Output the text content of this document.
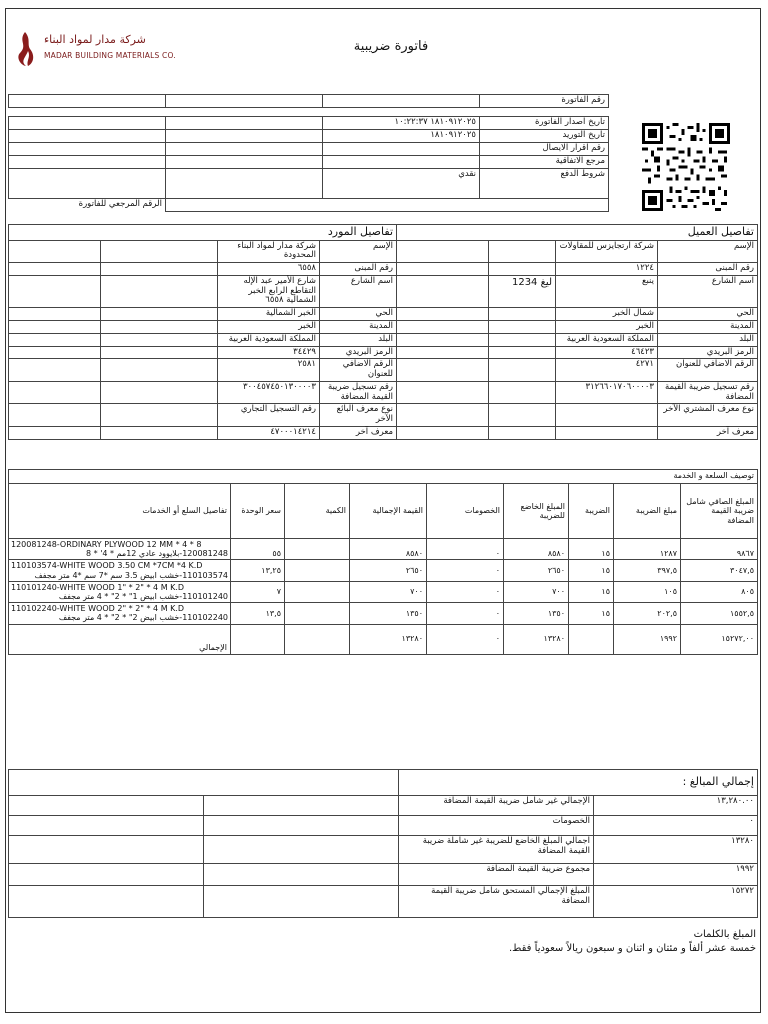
شركة مدار لمواد البناء
MADAR BUILDING MATERIALS CO.
فاتورة ضريبية
			رقم الفاتورة
		١٨١٠٩١٢٠٢٥ ١٠:٢٢:٣٧	تاريخ اصدار الفاتورة
		١٨١٠٩١٢٠٢٥	تاريخ التوريد
			رقم اقرار الايصال
			مرجع الاتفاقية
		نقدي	شروط الدفع
الرقم المرجعي للفاتورة			
تفاصيل المورد				تفاصيل العميل			
		شركة مدار لمواد البناء المحدودة	الإسم			شركة ارتجايزس للمقاولات	الإسم
		٦٥٥٨	رقم المبنى			١٢٢٤	رقم المبنى
		شارع الأمير عبد الإله التقاطع الرابع الخبر الشمالية ٦٥٥٨	اسم الشارع		ليغ 1234	ينبع	اسم الشارع
		الخبر الشمالية	الحي			شمال الخبر	الحي
		الخبر	المدينة			الخبر	المدينة
		المملكة السعودية العربية	البلد			المملكة السعودية العربية	البلد
		٣٤٤٢٩	الرمز البريدي			٤٦٤٢٣	الرمز البريدي
		٢٥٨١	الرقم الاضافي للعنوان			٤٢٧١	الرقم الاضافي للعنوان
		٣٠٠٤٥٧٤٥٠١٣٠٠٠٠٣	رقم تسجيل ضريبة القيمة المضافة			٣١٢٦٦٠١٧٠٦٠٠٠٠٣	رقم تسجيل ضريبة القيمة المضافة
		رقم التسجيل التجاري	نوع معرف البائع الآخر				نوع معرف المشتري الآخر
		٤٧٠٠٠١٤٢١٤	معرف آخر				معرف آخر
توصيف السلعة و الخدمة								
تفاصيل السلع أو الخدمات	سعر الوحدة	الكمية	القيمة الإجمالية	الخصومات	المبلغ الخاضع للضريبة	الضريبة	مبلغ الضريبة	المبلغ الصافي شامل ضريبة القيمة المضافة

120081248-ORDINARY PLYWOOD 12 MM * 4 * 8
120081248-بلايوود عادي 12مم * 4' * 8	٥٥		٨٥٨٠	٠	٨٥٨٠	١٥	١٢٨٧	٩٨٦٧

110103574-WHITE WOOD 3.50 CM *7CM *4 K.D
110103574-خشب ابيض 3.5 سم *7 سم *4 متر مجفف	١٣,٢٥		٢٦٥٠	٠	٢٦٥٠	١٥	٣٩٧,٥	٣٠٤٧,٥

110101240-WHITE WOOD 1" * 2" * 4 M K.D
110101240-خشب ابيض 1" * 2" * 4 متر مجفف	٧		٧٠٠	٠	٧٠٠	١٥	١٠٥	٨٠٥

110102240-WHITE WOOD 2" * 2" * 4 M K.D
110102240-خشب ابيض 2" * 2" * 4 متر مجفف	١٣,٥		١٣٥٠	٠	١٣٥٠	١٥	٢٠٢,٥	١٥٥٢,٥
الإجمالي			١٣٢٨٠	٠	١٣٢٨٠		١٩٩٢	١٥٢٧٢,٠٠
		إجمالي المبالغ :	
		الإجمالي غير شامل ضريبة القيمة المضافة	١٣,٢٨٠.٠٠
		الخصومات	٠
		اجمالي المبلغ الخاضع للضريبة غير شاملة ضريبة القيمة المضافة	١٣٢٨٠
		مجموع ضريبة القيمة المضافة	١٩٩٢
		المبلغ الإجمالي المستحق شامل ضريبة القيمة المضافة	١٥٢٧٢
المبلغ بالكلمات
خمسة عشر ألفاً و مئتان و اثنان و سبعون ريالاً سعودياً فقط.
